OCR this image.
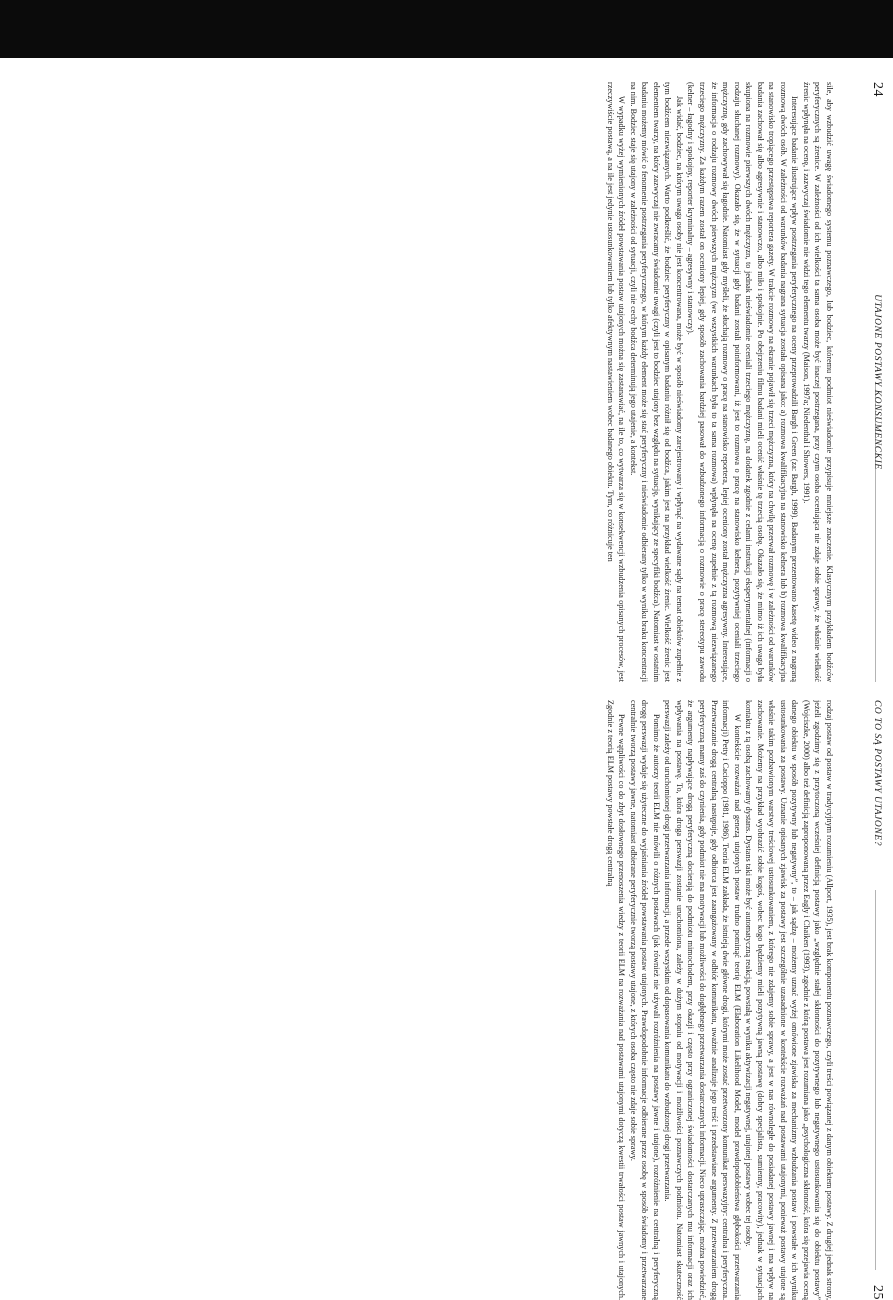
24
UTAJONE POSTAWY KONSUMENCKIE

sile, aby wzbudzić uwagę świadomego systemu poznawczego, lub bodziec, któremu podmiot nieświadomie przypisuje mniejsze znaczenie. Klasycznym przykładem bodźców peryferycznych są źrenice. W zależności od ich wielkości ta sama osoba może być inaczej postrzegana, przy czym osoba oceniająca nie zdaje sobie sprawy, że właśnie wielkość źrenic wpłynęła na ocenę, i zazwyczaj świadomie nie widzi tego elementu twarzy (Maison, 1997a; Niedenthal i Showers, 1991).

Interesujące badanie ilustrujące wpływ postrzegania peryferycznego na oceny przeprowadzili Bargh i Green (za: Bargh, 1999). Badanym prezentowano kasetę wideo z nagraną rozmową dwóch osób. W zależności od warunków badania nagrana sytuacja została opisana jako: a) rozmowa kwalifikacyjna na stanowisko kelnera lub b) rozmowa kwalifikacyjna na stanowisko tropiącego przestępstwa reportera gazety. W trakcie rozmowy na ekranie pojawił się trzeci mężczyzna, który na chwilę przerwał rozmowę i w zależności od warunków badania zachował się albo agresywnie i stanowczo, albo miło i spokojnie. Po obejrzeniu filmu badani mieli ocenić właśnie tę trzecią osobę. Okazało się, że mimo iż ich uwaga była skupiona na rozmowie pierwszych dwóch mężczyzn, to jednak nieświadomie oceniali trzeciego mężczyznę, na dodatek zgodnie z celami instrukcji eksperymentalnej (informacji o rodzaju słuchanej rozmowy). Okazało się, że w sytuacji gdy badani zostali poinformowani, iż jest to rozmowa o pracę na stanowisko kelnera, pozytywniej oceniali trzeciego mężczyznę, gdy zachowywał się łagodnie. Natomiast gdy myśleli, że słuchają rozmowy o pracę na stanowisko reportera, lepiej oceniony został mężczyzna agresywny. Interesujące, że informacja o rodzaju rozmowy dwóch pierwszych mężczyzn (we wszystkich warunkach była to ta sama rozmowa) wpłynęła na ocenę zupełnie z tą rozmową niezwiązanego trzeciego mężczyzny. Za każdym razem został on oceniony lepiej, gdy sposób zachowania bardziej pasował do wzbudzonego informacją o rozmowie o pracę stereotypu zawodu (kelner – łagodny i spokojny, reporter kryminalny – agresywny i stanowczy).

Jak widać, bodziec, na którym uwaga osoby nie jest koncentrowana, może być w sposób nieświadomy zarejestrowany i wpłynąć na wydawane sądy na temat obiektów zupełnie z tym bodźcem niezwiązanych. Warto podkreślić, że bodziec peryferyczny w opisanym badaniu różnił się od bodźca, jakim jest na przykład wielkość źrenic. Wielkość źrenic jest elementem twarzy, na który zazwyczaj nie zwracamy świadomie uwagi (czyli jest to bodziec utajony bez względu na sytuację, wynikający ze specyfiki bodźca). Natomiast w ostatnim badaniu możemy mówić o fenomenie postrzegania peryferycznego, w którym każdy element może się stać peryferyczny i nieświadomie odbierany tylko w wyniku braku koncentracji na nim. Bodziec staje się utajony w zależności od sytuacji, czyli nie cechy bodźca determinują jego utajenie, a kontekst.

W wypadku wyżej wymienionych źródeł powstawania postaw utajonych można się zastanawiać, na ile to, co wytwarza się w konsekwencji wzbudzenia opisanych procesów, jest rzeczywiście postawą, a na ile jest jedynie ustosunkowaniem lub tylko afektywnym nastawieniem wobec badanego obiektu. Tym, co różnicuje ten

CO TO SĄ POSTAWY UTAJONE?
25

rodzaj postaw od postaw w tradycyjnym rozumieniu (Allport, 1935), jest brak komponentu poznawczego, czyli treści powiązanej z danym obiektem postawy. Z drugiej jednak strony, jeżeli zgodzimy się z przytoczoną wcześniej definicją postawy jako „względnie stałej skłonności do pozytywnego lub negatywnego ustosunkowania się do obiektu postawy” (Wojciszke, 2000) albo też definicją zaproponowaną przez Eagly i Chaiken (1993), zgodnie z którą postawa jest rozumiana jako „psychologiczna skłonność, która się przejawia oceną danego obiektu w sposób pozytywny lub negatywny”, to – jak sądzę – możemy uznać wyżej omówione zjawiska za mechanizmy wzbudzania postaw i powstałe w ich wyniku ustosunkowania za postawy. Uznanie opisanych zjawisk za postawy jest szczególnie uzasadnione w kontekście rozważań nad postawami utajonymi, ponieważ postawy utajone są właśnie takim pozbawionym warstwy treściowej ustosunkowaniem, z którego nie zdajemy sobie sprawy, a jest w nas równoległe do posiadanej postawy jawnej i ma wpływ na zachowanie. Możemy na przykład wyobrazić sobie kogoś, wobec kogo będziemy mieli pozytywną jawną postawę (dobry specjalista, sumienny, pracowity), jednak w sytuacjach kontaktu z tą osobą zachowamy dystans. Dystans taki może być automatyczną reakcją, powstałą w wyniku aktywizacji negatywnej, utajonej postawy wobec tej osoby.

W kontekście rozważań nad genezą utajonych postaw trudno pominąć teorię ELM (Elaboration Likelihood Model, model prawdopodobieństwa głębokości przetwarzania informacji) Petty i Cacioppo (1981, 1986). Teoria ELM zakłada, że istnieją dwie główne drogi, którymi może zostać przetworzony komunikat perswazyjny: centralna i peryferyczna. Przetwarzanie drogą centralną następuje, gdy odbiorca jest zaangażowany w odbiór komunikatu, uważnie analizuje jego treść i przedstawiane argumenty. Z przetwarzaniem drogą peryferyczną mamy zaś do czynienia, gdy podmiot nie ma motywacji lub możliwości do dogłębnego przetwarzania dostarczanych informacji. Nieco upraszczając, można powiedzieć, że argumenty napływające drogą peryferyczną docierają do podmiotu mimochodem, przy okazji i często przy ograniczonej świadomości dostarczanych mu informacji oraz ich wpływania na postawę. To, która droga perswazji zostanie uruchomiona, zależy w dużym stopniu od motywacji i możliwości poznawczych podmiotu. Natomiast skuteczność perswazji zależy od uruchomionej drogi przetwarzania informacji, a przede wszystkim od dopasowania komunikatu do wzbudzonej drogi przetwarzania.

Pomimo że autorzy teorii ELM nie mówili o różnych postawach (jak również nie używali rozróżnienia na postawy jawne i utajone), rozróżnienie na centralną i peryferyczną drogę perswazji wydaje się użyteczne do wyjaśniania źródeł powstawania postaw utajonych. Prawdopodobnie informacje odbierane przez osobę w sposób świadomy i przetwarzane centralnie tworzą postawy jawne, natomiast odbierane peryferycznie tworzą postawy utajone, z których osoba często nie zdaje sobie sprawy.

Pewne wątpliwości co do zbyt dosłownego przenoszenia wiedzy z teorii ELM na rozważania nad postawami utajonymi dotyczą kwestii trwałości postaw jawnych i utajonych. Zgodnie z teorią ELM postawy powstałe drogą centralną
